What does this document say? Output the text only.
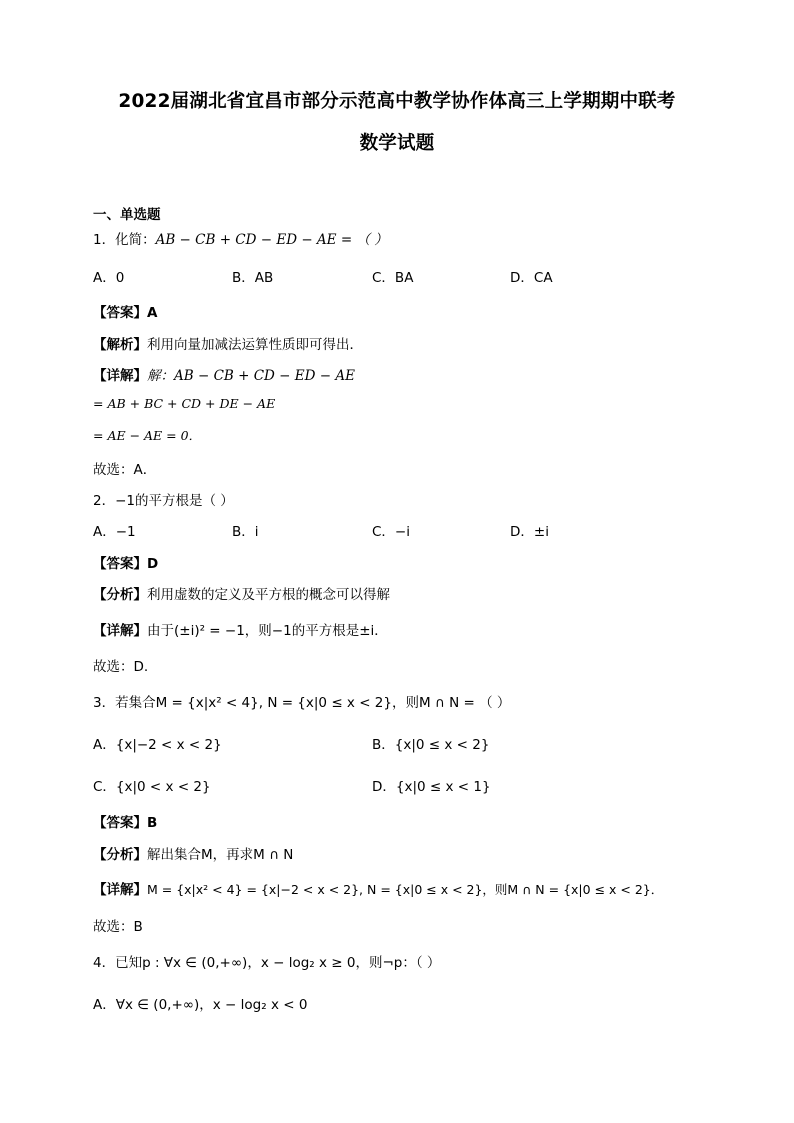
2022届湖北省宜昌市部分示范高中教学协作体高三上学期期中联考
数学试题
一、单选题
1．化简：AB − CB + CD − ED − AE = （ ）
A．0	B．AB	C．BA	D．CA
【答案】A
【解析】利用向量加减法运算性质即可得出．
【详解】解：AB − CB + CD − ED − AE
= AB + BC + CD + DE − AE
= AE − AE = 0．
故选：A．
2．−1的平方根是（ ）
A．−1	B．i	C．−i	D．±i
【答案】D
【分析】利用虚数的定义及平方根的概念可以得解
【详解】由于(±i)² = −1，则−1的平方根是±i．
故选：D.
3．若集合M = {x|x² < 4}, N = {x|0 ≤ x < 2}，则M ∩ N = （ ）
A．{x|−2 < x < 2}	B．{x|0 ≤ x < 2}
C．{x|0 < x < 2}	D．{x|0 ≤ x < 1}
【答案】B
【分析】解出集合M，再求M ∩ N
【详解】M = {x|x² < 4} = {x|−2 < x < 2}, N = {x|0 ≤ x < 2}，则M ∩ N = {x|0 ≤ x < 2}．
故选：B
4．已知p : ∀x ∈ (0,+∞)，x − log₂ x ≥ 0，则¬p：（ ）
A．∀x ∈ (0,+∞)，x − log₂ x < 0
